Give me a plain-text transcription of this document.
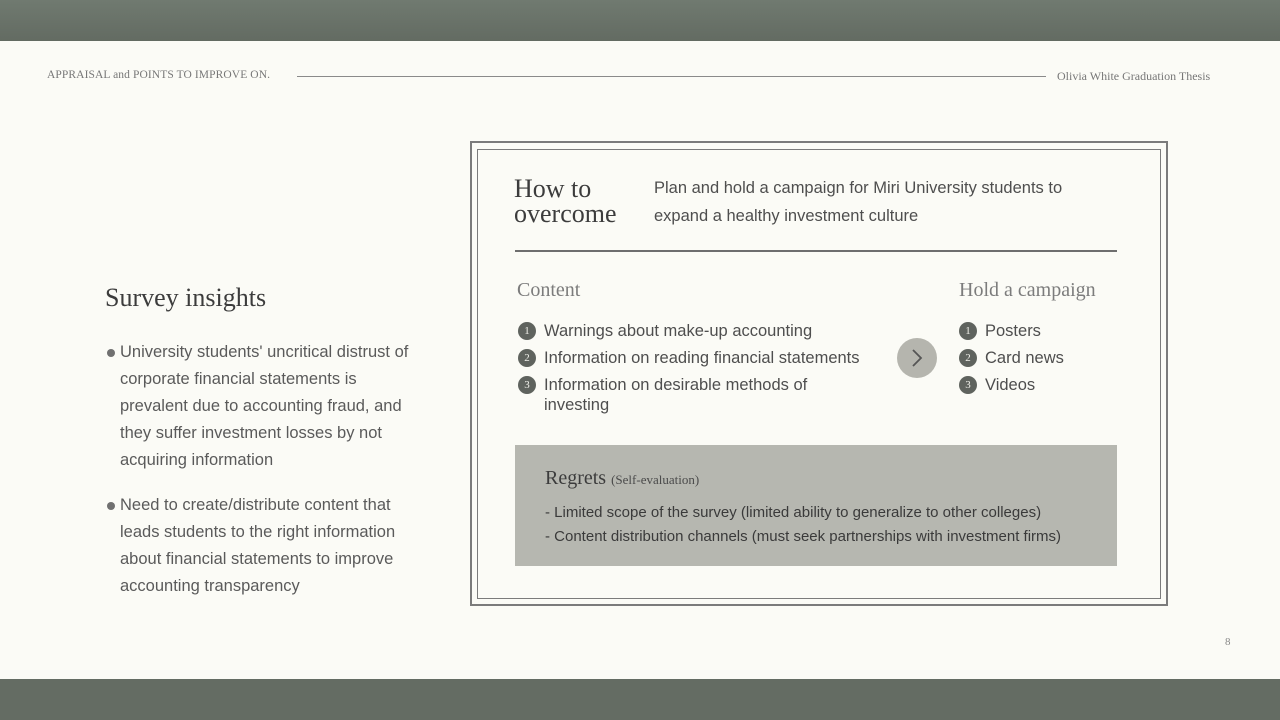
APPRAISAL and POINTS TO IMPROVE ON.	Olivia White Graduation Thesis
Survey insights
University students' uncritical distrust of corporate financial statements is prevalent due to accounting fraud, and they suffer investment losses by not acquiring information
Need to create/distribute content that leads students to the right information about financial statements to improve accounting transparency
How to
overcome
Plan and hold a campaign for Miri University students to expand a healthy investment culture
Content
1 Warnings about make-up accounting
2 Information on reading financial statements
3 Information on desirable methods of investing
Hold a campaign
1 Posters
2 Card news
3 Videos
Regrets (Self-evaluation)
- Limited scope of the survey (limited ability to generalize to other colleges)
- Content distribution channels (must seek partnerships with investment firms)
8
